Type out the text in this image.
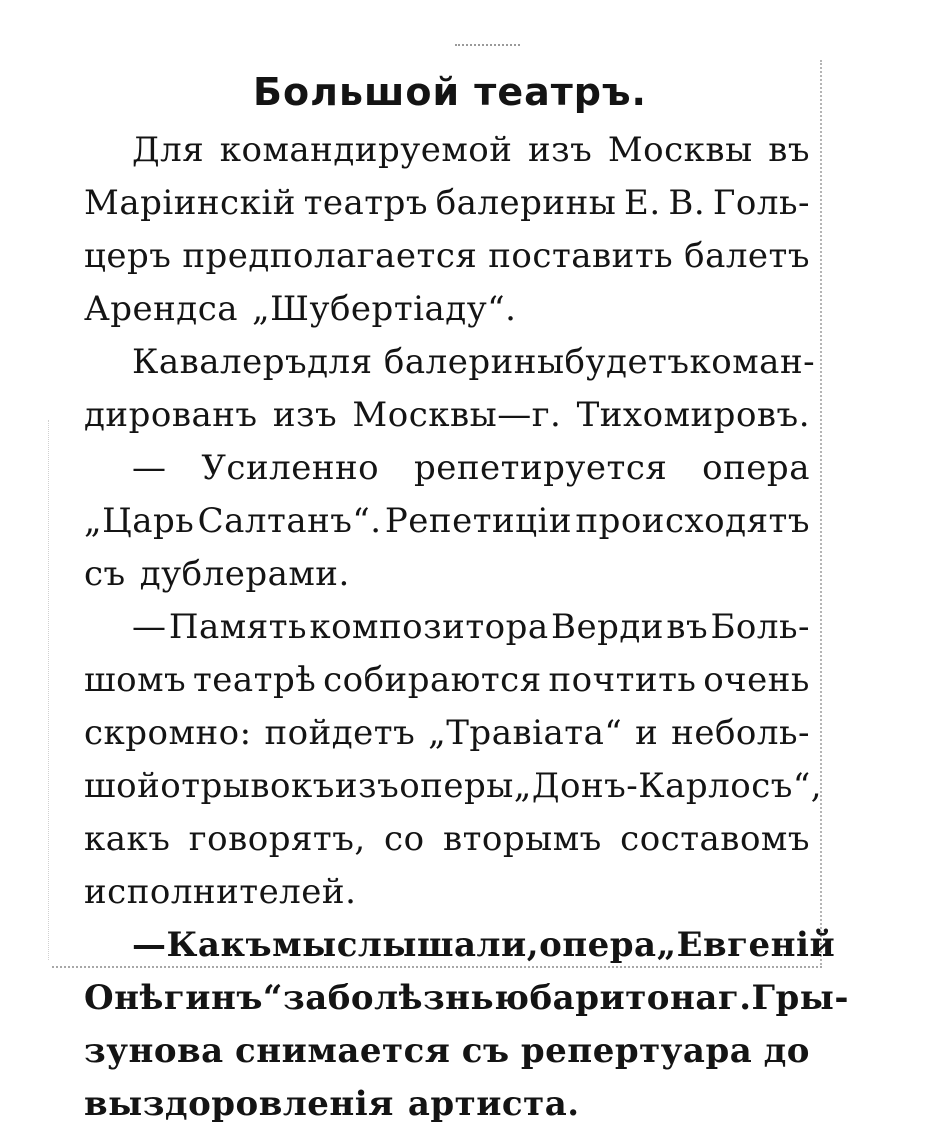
Большой театръ.
Для командируемой изъ Москвы въ
Маріинскій театръ балерины Е. В. Голь-
церъ предполагается поставить балетъ
Арендса „Шубертіаду“.
Кавалеръ для балерины будетъ коман-
дированъ изъ Москвы—г. Тихомировъ.
— Усиленно репетируется опера
„Царь Салтанъ“. Репетиціи происходятъ
съ дублерами.
— Память композитора Верди въ Боль-
шомъ театрѣ собираются почтить очень
скромно: пойдетъ „Травіата“ и неболь-
шой отрывокъ изъ оперы „Донъ-Карлосъ“,
какъ говорятъ, со вторымъ составомъ
исполнителей.
— Какъ мы слышали, опера „Евгеній
Онѣгинъ“ за болѣзнью баритона г. Гры-
зунова снимается съ репертуара до
выздоровленія артиста.
